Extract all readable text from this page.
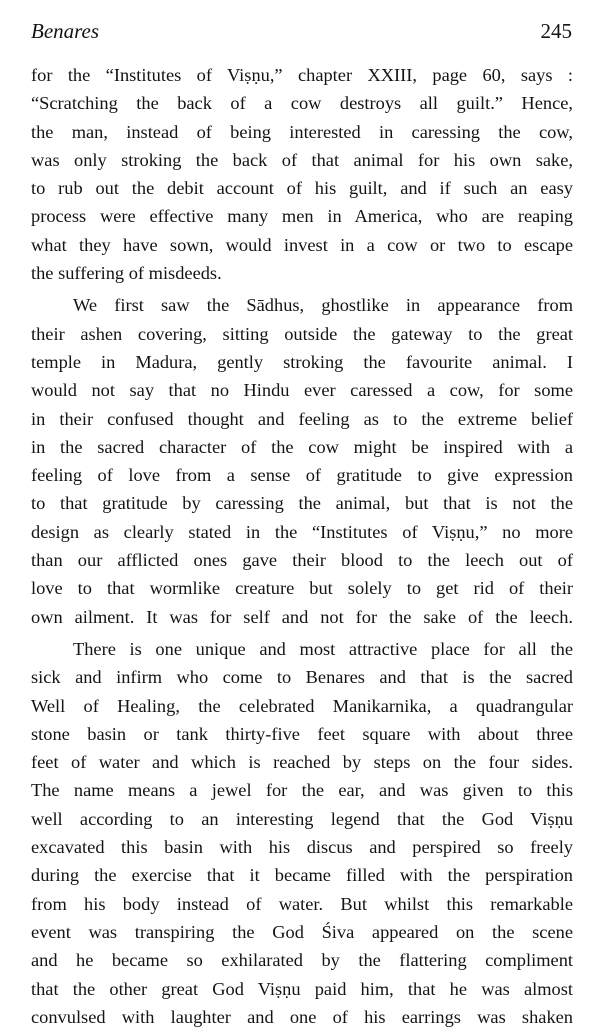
Benares	245
for the “Institutes of Viṣṇu,” chapter XXIII, page 60, says :
“Scratching the back of a cow destroys all guilt.” Hence,
the man, instead of being interested in caressing the cow,
was only stroking the back of that animal for his own sake,
to rub out the debit account of his guilt, and if such an easy
process were effective many men in America, who are reaping
what they have sown, would invest in a cow or two to escape
the suffering of misdeeds.
We first saw the Sādhus, ghostlike in appearance from
their ashen covering, sitting outside the gateway to the great
temple in Madura, gently stroking the favourite animal. I
would not say that no Hindu ever caressed a cow, for some
in their confused thought and feeling as to the extreme belief
in the sacred character of the cow might be inspired with a
feeling of love from a sense of gratitude to give expression
to that gratitude by caressing the animal, but that is not the
design as clearly stated in the “Institutes of Viṣṇu,” no more
than our afflicted ones gave their blood to the leech out of
love to that wormlike creature but solely to get rid of their
own ailment. It was for self and not for the sake of the leech.
There is one unique and most attractive place for all the
sick and infirm who come to Benares and that is the sacred
Well of Healing, the celebrated Manikarnika, a quadrangular
stone basin or tank thirty-five feet square with about three
feet of water and which is reached by steps on the four sides.
The name means a jewel for the ear, and was given to this
well according to an interesting legend that the God Viṣṇu
excavated this basin with his discus and perspired so freely
during the exercise that it became filled with the perspiration
from his body instead of water. But whilst this remarkable
event was transpiring the God Śiva appeared on the scene
and he became so exhilarated by the flattering compliment
that the other great God Viṣṇu paid him, that he was almost
convulsed with laughter and one of his earrings was shaken
